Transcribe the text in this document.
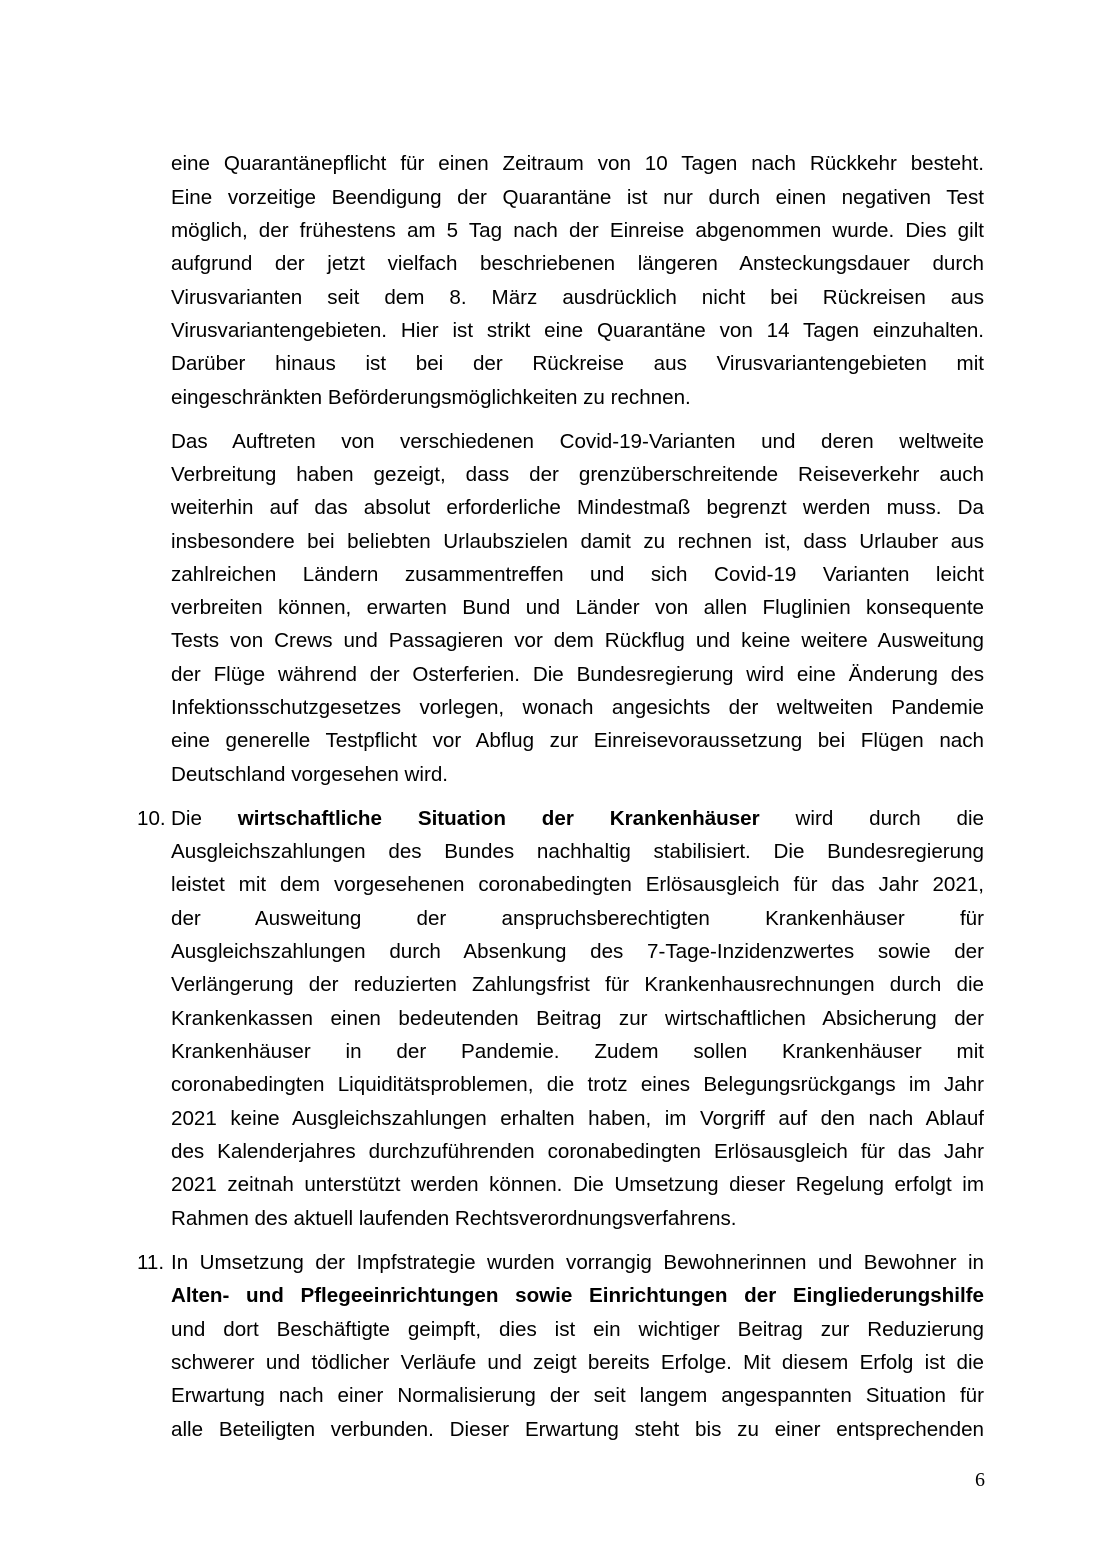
eine Quarantänepflicht für einen Zeitraum von 10 Tagen nach Rückkehr besteht.
Eine vorzeitige Beendigung der Quarantäne ist nur durch einen negativen Test
möglich, der frühestens am 5 Tag nach der Einreise abgenommen wurde. Dies gilt
aufgrund der jetzt vielfach beschriebenen längeren Ansteckungsdauer durch
Virusvarianten seit dem 8. März ausdrücklich nicht bei Rückreisen aus
Virusvariantengebieten. Hier ist strikt eine Quarantäne von 14 Tagen einzuhalten.
Darüber hinaus ist bei der Rückreise aus Virusvariantengebieten mit
eingeschränkten Beförderungsmöglichkeiten zu rechnen.
Das Auftreten von verschiedenen Covid-19-Varianten und deren weltweite
Verbreitung haben gezeigt, dass der grenzüberschreitende Reiseverkehr auch
weiterhin auf das absolut erforderliche Mindestmaß begrenzt werden muss. Da
insbesondere bei beliebten Urlaubszielen damit zu rechnen ist, dass Urlauber aus
zahlreichen Ländern zusammentreffen und sich Covid-19 Varianten leicht
verbreiten können, erwarten Bund und Länder von allen Fluglinien konsequente
Tests von Crews und Passagieren vor dem Rückflug und keine weitere Ausweitung
der Flüge während der Osterferien. Die Bundesregierung wird eine Änderung des
Infektionsschutzgesetzes vorlegen, wonach angesichts der weltweiten Pandemie
eine generelle Testpflicht vor Abflug zur Einreisevoraussetzung bei Flügen nach
Deutschland vorgesehen wird.
10. Die wirtschaftliche Situation der Krankenhäuser wird durch die
Ausgleichszahlungen des Bundes nachhaltig stabilisiert. Die Bundesregierung
leistet mit dem vorgesehenen coronabedingten Erlösausgleich für das Jahr 2021,
der Ausweitung der anspruchsberechtigten Krankenhäuser für
Ausgleichszahlungen durch Absenkung des 7-Tage-Inzidenzwertes sowie der
Verlängerung der reduzierten Zahlungsfrist für Krankenhausrechnungen durch die
Krankenkassen einen bedeutenden Beitrag zur wirtschaftlichen Absicherung der
Krankenhäuser in der Pandemie. Zudem sollen Krankenhäuser mit
coronabedingten Liquiditätsproblemen, die trotz eines Belegungsrückgangs im Jahr
2021 keine Ausgleichszahlungen erhalten haben, im Vorgriff auf den nach Ablauf
des Kalenderjahres durchzuführenden coronabedingten Erlösausgleich für das Jahr
2021 zeitnah unterstützt werden können. Die Umsetzung dieser Regelung erfolgt im
Rahmen des aktuell laufenden Rechtsverordnungsverfahrens.
11. In Umsetzung der Impfstrategie wurden vorrangig Bewohnerinnen und Bewohner in
Alten- und Pflegeeinrichtungen sowie Einrichtungen der Eingliederungshilfe
und dort Beschäftigte geimpft, dies ist ein wichtiger Beitrag zur Reduzierung
schwerer und tödlicher Verläufe und zeigt bereits Erfolge. Mit diesem Erfolg ist die
Erwartung nach einer Normalisierung der seit langem angespannten Situation für
alle Beteiligten verbunden. Dieser Erwartung steht bis zu einer entsprechenden
6
